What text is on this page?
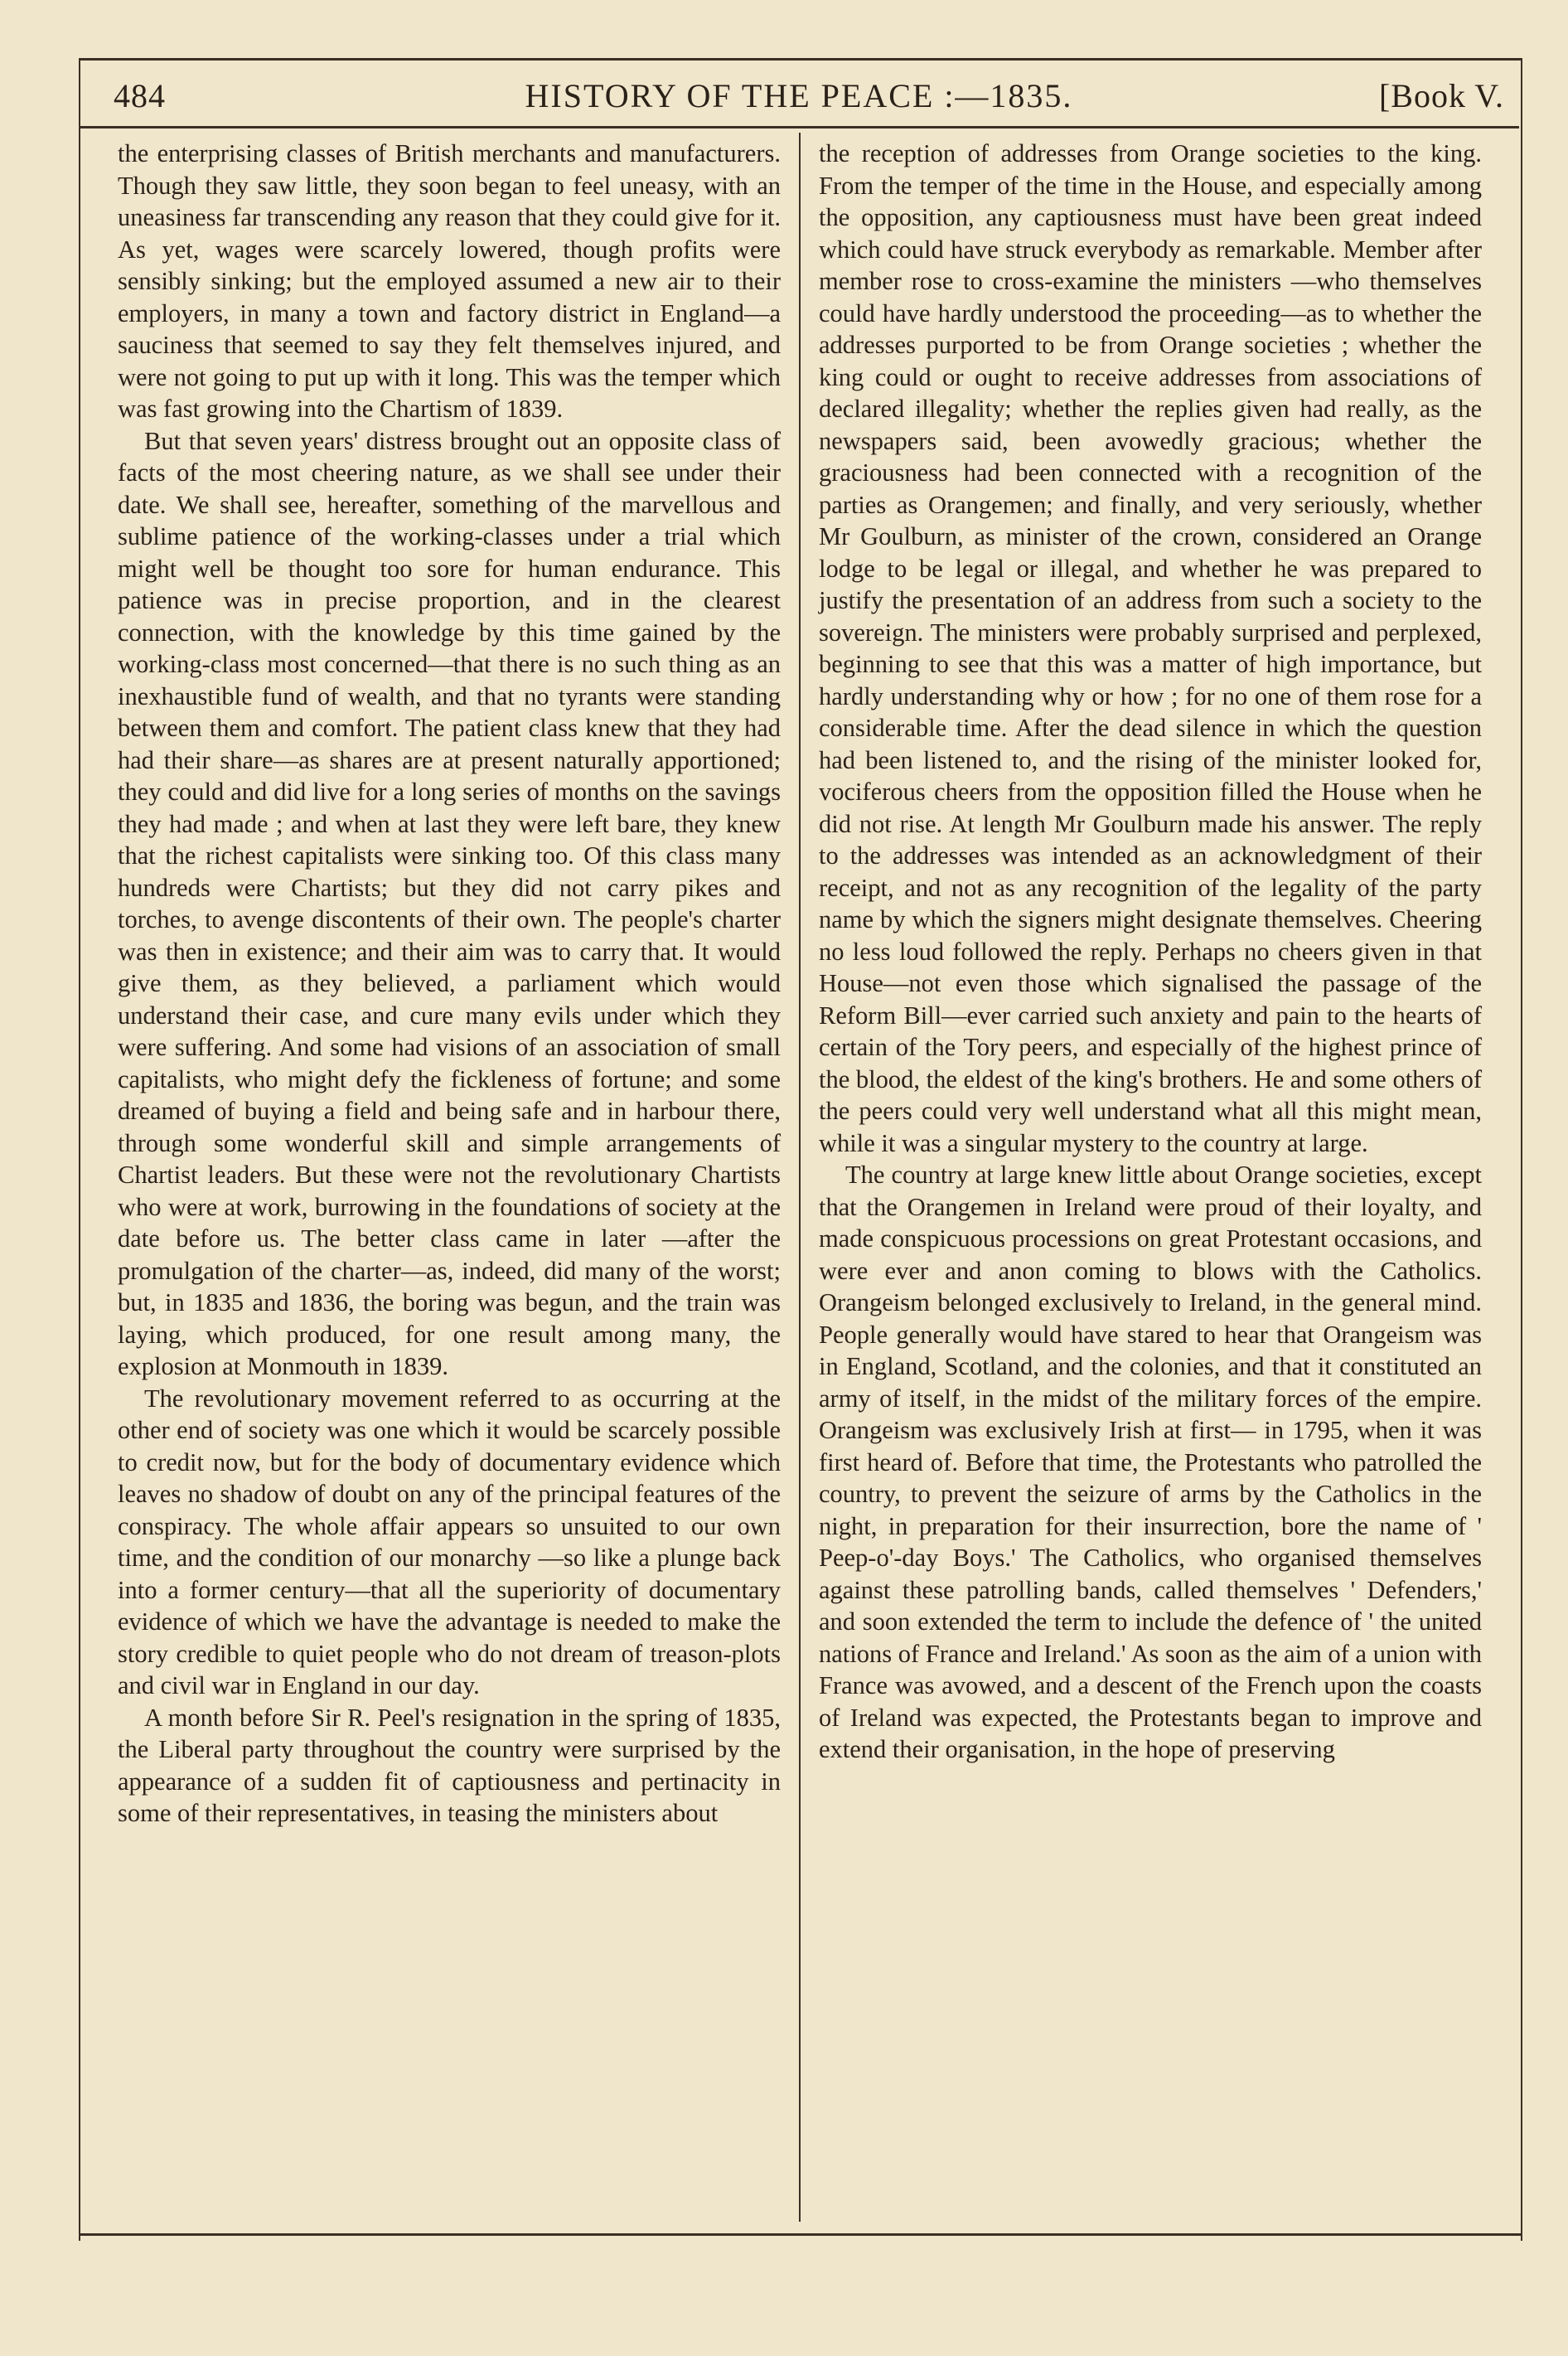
484	HISTORY OF THE PEACE :—1835.	[Book V.

the enterprising classes of British merchants and manufacturers. Though they saw little, they soon began to feel uneasy, with an uneasiness far transcending any reason that they could give for it. As yet, wages were scarcely lowered, though profits were sensibly sinking; but the employed assumed a new air to their employers, in many a town and factory district in England—a sauciness that seemed to say they felt themselves injured, and were not going to put up with it long. This was the temper which was fast growing into the Chartism of 1839.

But that seven years' distress brought out an opposite class of facts of the most cheering nature, as we shall see under their date. We shall see, hereafter, something of the marvellous and sublime patience of the working-classes under a trial which might well be thought too sore for human endurance. This patience was in precise proportion, and in the clearest connection, with the knowledge by this time gained by the working-class most concerned—that there is no such thing as an inexhaustible fund of wealth, and that no tyrants were standing between them and comfort. The patient class knew that they had had their share—as shares are at present naturally apportioned; they could and did live for a long series of months on the savings they had made ; and when at last they were left bare, they knew that the richest capitalists were sinking too. Of this class many hundreds were Chartists; but they did not carry pikes and torches, to avenge discontents of their own. The people's charter was then in existence; and their aim was to carry that. It would give them, as they believed, a parliament which would understand their case, and cure many evils under which they were suffering. And some had visions of an association of small capitalists, who might defy the fickleness of fortune; and some dreamed of buying a field and being safe and in harbour there, through some wonderful skill and simple arrangements of Chartist leaders. But these were not the revolutionary Chartists who were at work, burrowing in the foundations of society at the date before us. The better class came in later —after the promulgation of the charter—as, indeed, did many of the worst; but, in 1835 and 1836, the boring was begun, and the train was laying, which produced, for one result among many, the explosion at Monmouth in 1839.

The revolutionary movement referred to as occurring at the other end of society was one which it would be scarcely possible to credit now, but for the body of documentary evidence which leaves no shadow of doubt on any of the principal features of the conspiracy. The whole affair appears so unsuited to our own time, and the condition of our monarchy —so like a plunge back into a former century—that all the superiority of documentary evidence of which we have the advantage is needed to make the story credible to quiet people who do not dream of treason-plots and civil war in England in our day.

A month before Sir R. Peel's resignation in the spring of 1835, the Liberal party throughout the country were surprised by the appearance of a sudden fit of captiousness and pertinacity in some of their representatives, in teasing the ministers about

the reception of addresses from Orange societies to the king. From the temper of the time in the House, and especially among the opposition, any captiousness must have been great indeed which could have struck everybody as remarkable. Member after member rose to cross-examine the ministers —who themselves could have hardly understood the proceeding—as to whether the addresses purported to be from Orange societies ; whether the king could or ought to receive addresses from associations of declared illegality; whether the replies given had really, as the newspapers said, been avowedly gracious; whether the graciousness had been connected with a recognition of the parties as Orangemen; and finally, and very seriously, whether Mr Goulburn, as minister of the crown, considered an Orange lodge to be legal or illegal, and whether he was prepared to justify the presentation of an address from such a society to the sovereign. The ministers were probably surprised and perplexed, beginning to see that this was a matter of high importance, but hardly understanding why or how ; for no one of them rose for a considerable time. After the dead silence in which the question had been listened to, and the rising of the minister looked for, vociferous cheers from the opposition filled the House when he did not rise. At length Mr Goulburn made his answer. The reply to the addresses was intended as an acknowledgment of their receipt, and not as any recognition of the legality of the party name by which the signers might designate themselves. Cheering no less loud followed the reply. Perhaps no cheers given in that House—not even those which signalised the passage of the Reform Bill—ever carried such anxiety and pain to the hearts of certain of the Tory peers, and especially of the highest prince of the blood, the eldest of the king's brothers. He and some others of the peers could very well understand what all this might mean, while it was a singular mystery to the country at large.

The country at large knew little about Orange societies, except that the Orangemen in Ireland were proud of their loyalty, and made conspicuous processions on great Protestant occasions, and were ever and anon coming to blows with the Catholics. Orangeism belonged exclusively to Ireland, in the general mind. People generally would have stared to hear that Orangeism was in England, Scotland, and the colonies, and that it constituted an army of itself, in the midst of the military forces of the empire. Orangeism was exclusively Irish at first— in 1795, when it was first heard of. Before that time, the Protestants who patrolled the country, to prevent the seizure of arms by the Catholics in the night, in preparation for their insurrection, bore the name of ' Peep-o'-day Boys.' The Catholics, who organised themselves against these patrolling bands, called themselves ' Defenders,' and soon extended the term to include the defence of ' the united nations of France and Ireland.' As soon as the aim of a union with France was avowed, and a descent of the French upon the coasts of Ireland was expected, the Protestants began to improve and extend their organisation, in the hope of preserving
